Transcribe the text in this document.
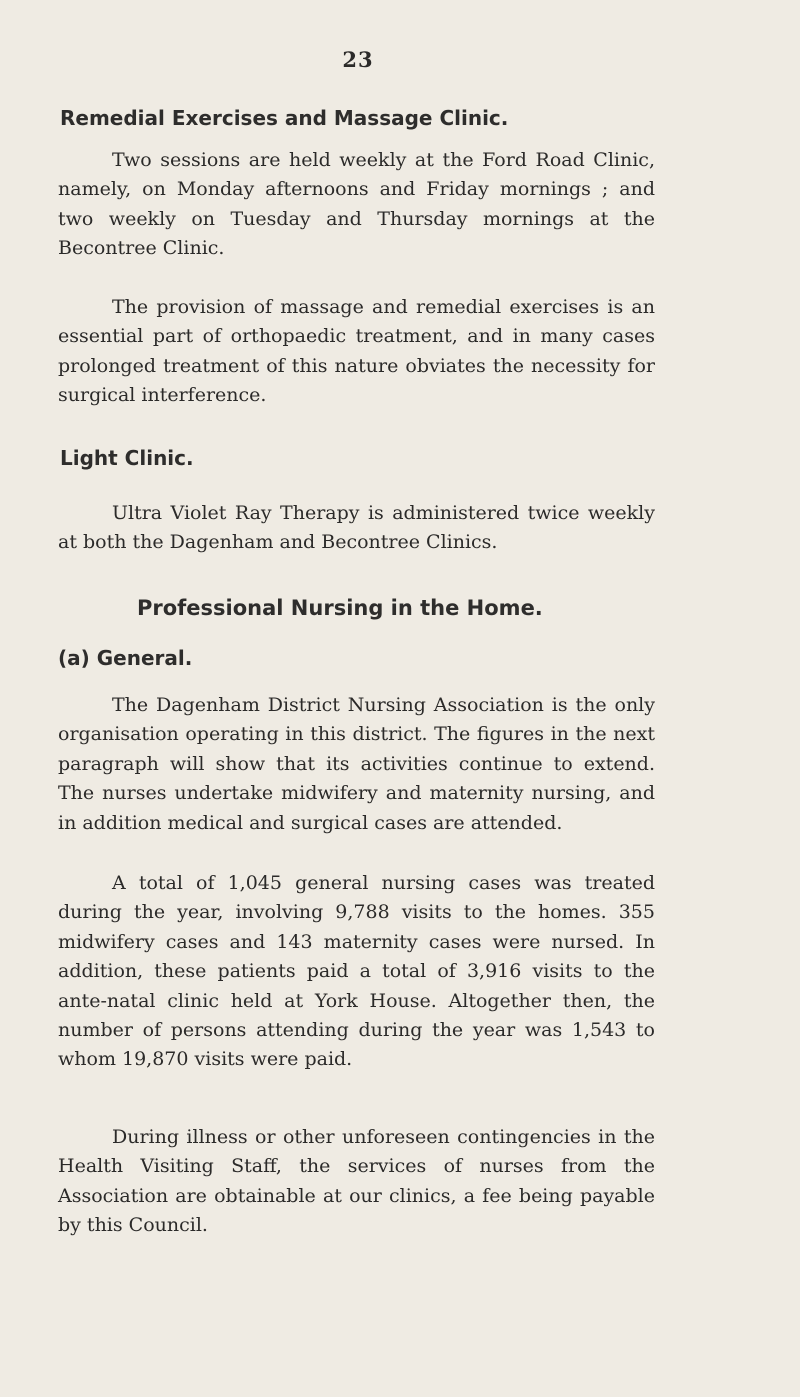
23
Remedial Exercises and Massage Clinic.

Two sessions are held weekly at the Ford Road Clinic, namely, on Monday afternoons and Friday mornings ; and two weekly on Tuesday and Thursday mornings at the Becontree Clinic.

The provision of massage and remedial exercises is an essential part of orthopaedic treatment, and in many cases prolonged treatment of this nature obviates the necessity for surgical interference.

Light Clinic.

Ultra Violet Ray Therapy is administered twice weekly at both the Dagenham and Becontree Clinics.

Professional Nursing in the Home.
(a) General.

The Dagenham District Nursing Association is the only organisation operating in this district. The figures in the next paragraph will show that its activities continue to extend. The nurses undertake midwifery and maternity nursing, and in addition medical and surgical cases are attended.

A total of 1,045 general nursing cases was treated during the year, involving 9,788 visits to the homes. 355 midwifery cases and 143 maternity cases were nursed. In addition, these patients paid a total of 3,916 visits to the ante-natal clinic held at York House. Altogether then, the number of persons attending during the year was 1,543 to whom 19,870 visits were paid.

During illness or other unforeseen contingencies in the Health Visiting Staff, the services of nurses from the Association are obtainable at our clinics, a fee being payable by this Council.
